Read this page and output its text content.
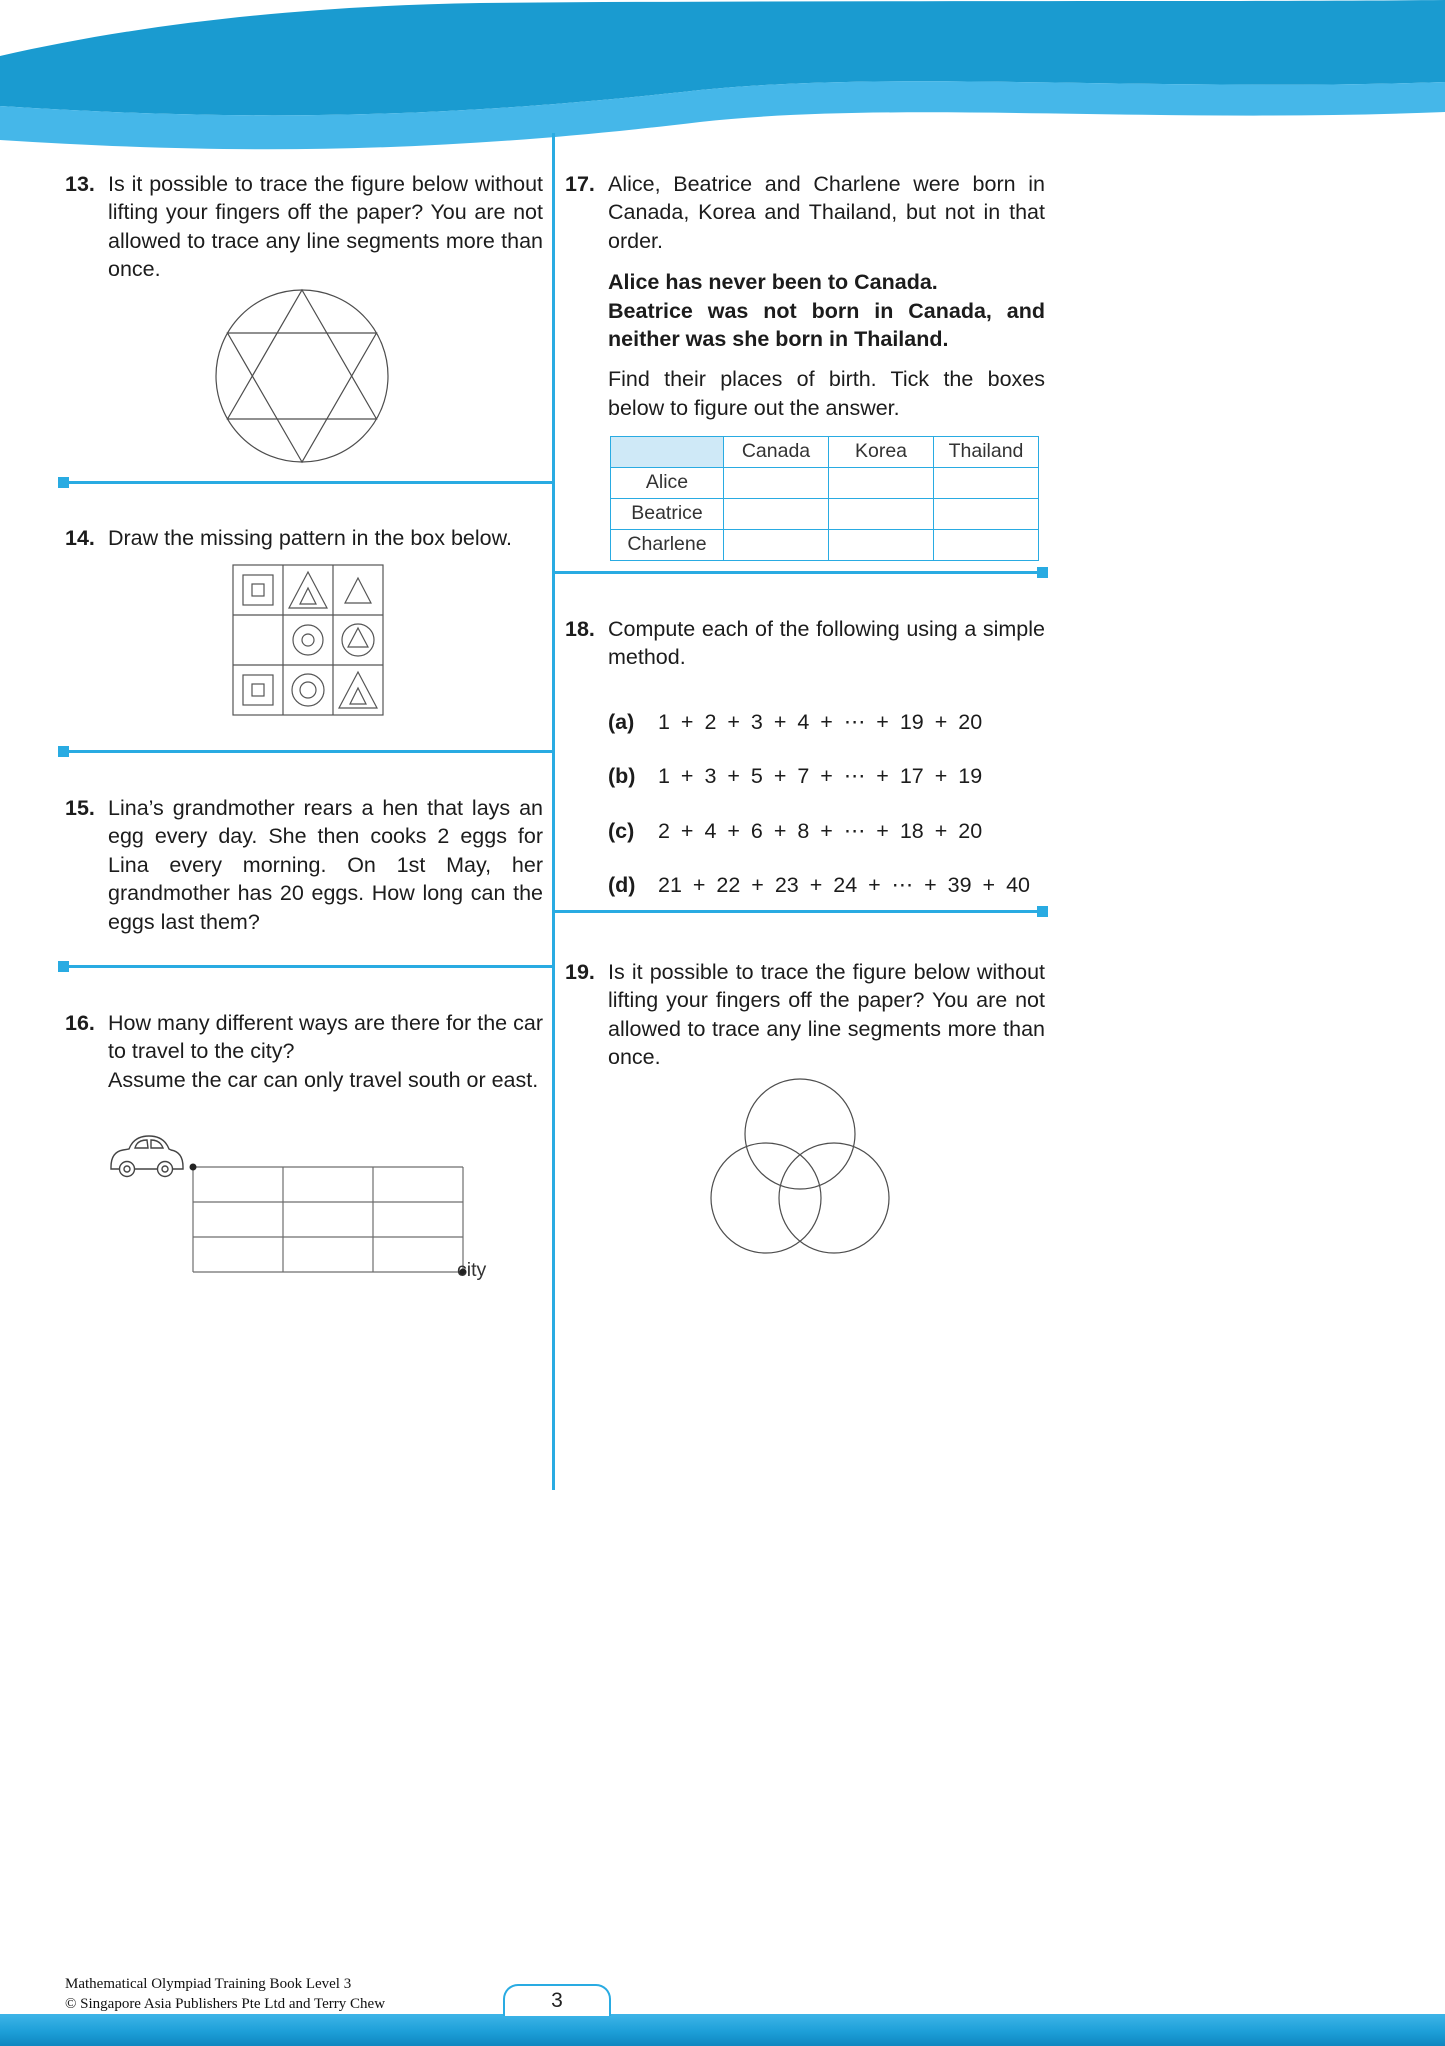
13. Is it possible to trace the figure below without lifting your fingers off the paper? You are not allowed to trace any line segments more than once.

14. Draw the missing pattern in the box below.

15. Lina’s grandmother rears a hen that lays an egg every day. She then cooks 2 eggs for Lina every morning. On 1st May, her grandmother has 20 eggs. How long can the eggs last them?

16. How many different ways are there for the car to travel to the city?

Assume the car can only travel south or east.

city
17. Alice, Beatrice and Charlene were born in Canada, Korea and Thailand, but not in that order.

Alice has never been to Canada.

Beatrice was not born in Canada, and neither was she born in Thailand.

Find their places of birth. Tick the boxes below to figure out the answer.

	Canada	Korea	Thailand
Alice			
Beatrice			
Charlene			
18. Compute each of the following using a simple method.

(a)	1 + 2 + 3 + 4 + ⋯ + 19 + 20
(b)	1 + 3 + 5 + 7 + ⋯ + 17 + 19
(c)	2 + 4 + 6 + 8 + ⋯ + 18 + 20
(d)	21 + 22 + 23 + 24 + ⋯ + 39 + 40
19. Is it possible to trace the figure below without lifting your fingers off the paper? You are not allowed to trace any line segments more than once.

Mathematical Olympiad Training Book Level 3

© Singapore Asia Publishers Pte Ltd and Terry Chew	3
